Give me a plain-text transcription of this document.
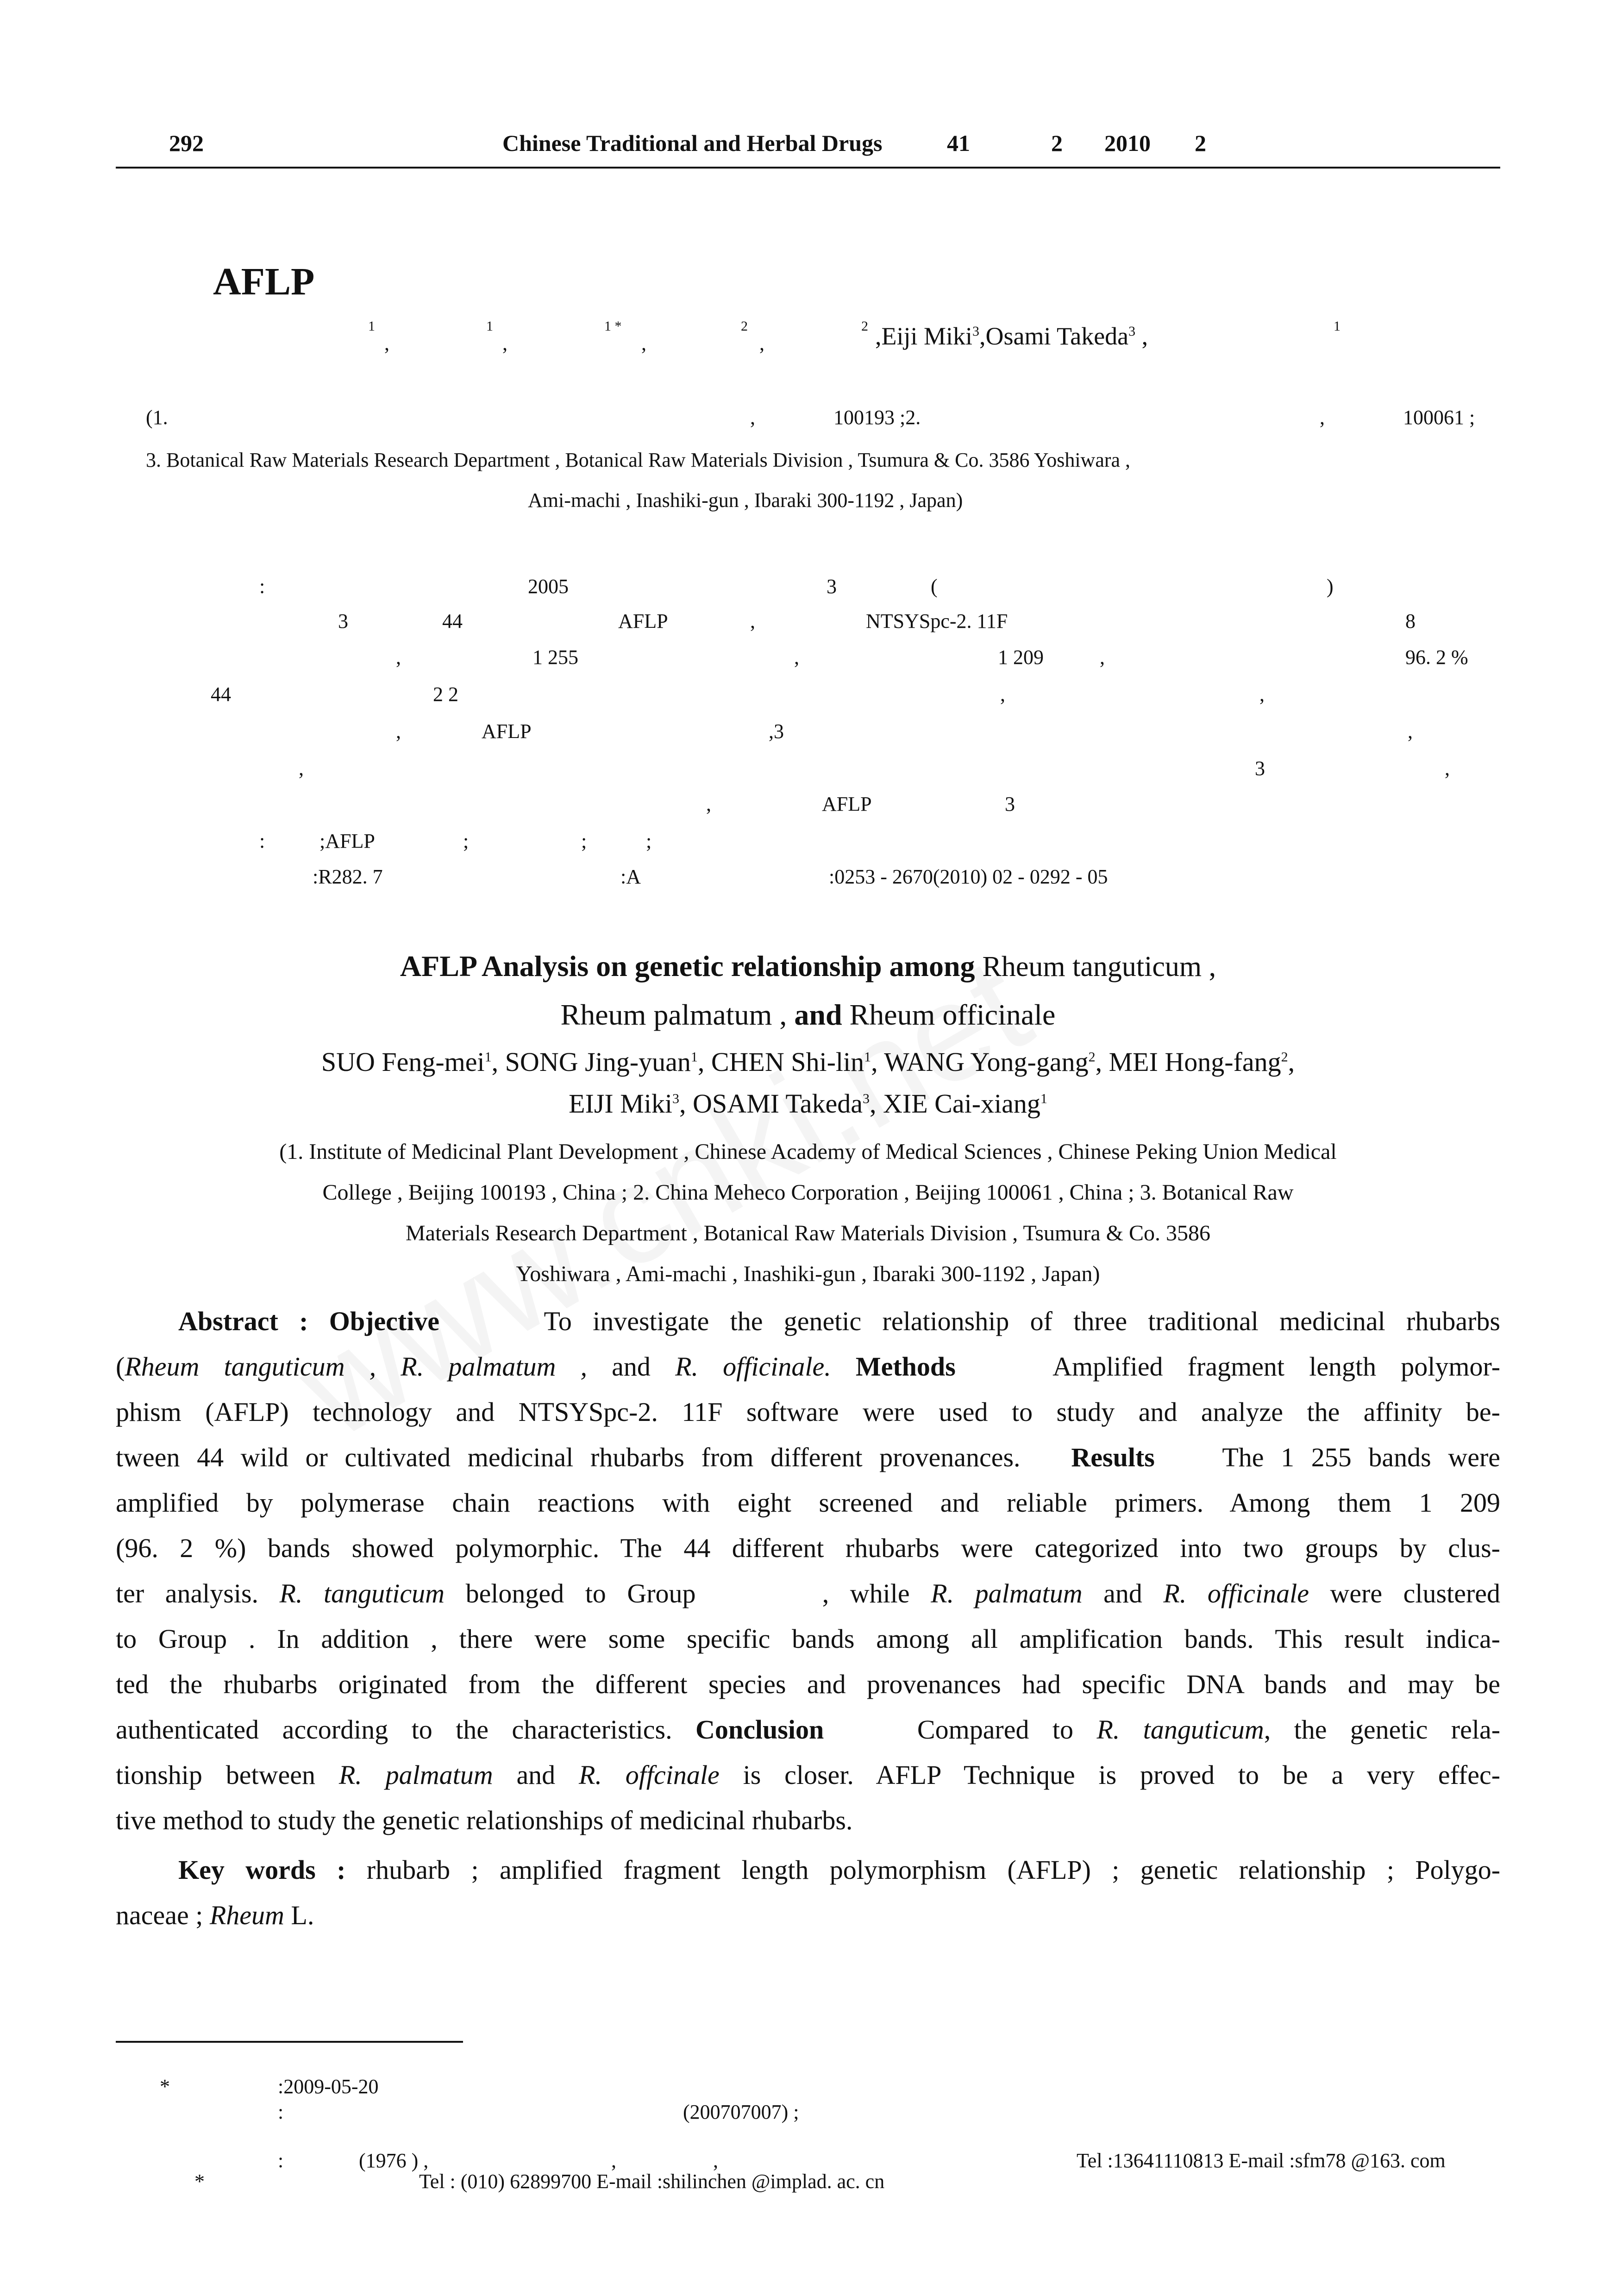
292	Chinese Traditional and Herbal Drugs	41	2 2010 2
AFLP
1
,
1
,
1 *
,
2
,
2 ,Eiji Miki$^3$,Osami Takeda$^3$ ,	1
(1.	,	100193 ;2.	,	100061 ;
3. Botanical Raw Materials Research Department , Botanical Raw Materials Division , Tsumura & Co. 3586 Yoshiwara ,
Ami-machi , Inashiki-gun , Ibaraki 300-1192 , Japan)
:	2005	3	(	)
3	44	AFLP	,	NTSYSpc-2. 11F	8
,	1 255	,	1 209	,	96. 2 %
44	2 2	,	,
,	AFLP	,3	,
,	3	,
,	AFLP	3
:	;AFLP	;	;	;
:R282. 7	:A	:0253 - 2670(2010) 02 - 0292 - 05
AFLP Analysis on genetic relationship among Rheum tanguticum ,
Rheum palmatum , and Rheum officinale
SUO Feng-mei$^1$, SONG Jing-yuan$^1$, CHEN Shi-lin$^1$, WANG Yong-gang$^2$, MEI Hong-fang$^2$,
EIJI Miki$^3$, OSAMI Takeda$^3$, XIE Cai-xiang$^1$
(1. Institute of Medicinal Plant Development , Chinese Academy of Medical Sciences , Chinese Peking Union Medical
College , Beijing 100193 , China ; 2. China Meheco Corporation , Beijing 100061 , China ; 3. Botanical Raw
Materials Research Department , Botanical Raw Materials Division , Tsumura & Co. 3586
Yoshiwara , Ami-machi , Inashiki-gun , Ibaraki 300-1192 , Japan)
Abstract : Objective	To investigate the genetic relationship of three traditional medicinal rhubarbs
(Rheum tanguticum , R. palmatum , and R. officinale. Methods	Amplified fragment length polymor-
phism (AFLP) technology and NTSYSpc-2. 11F software were used to study and analyze the affinity be-
tween 44 wild or cultivated medicinal rhubarbs from different provenances. Results	The 1 255 bands were
amplified by polymerase chain reactions with eight screened and reliable primers. Among them 1 209
(96. 2 %) bands showed polymorphic. The 44 different rhubarbs were categorized into two groups by clus-
ter analysis. R. tanguticum belonged to Group	, while R. palmatum and R. officinale were clustered
to Group . In addition , there were some specific bands among all amplification bands. This result indica-
ted the rhubarbs originated from the different species and provenances had specific DNA bands and may be
authenticated according to the characteristics. Conclusion	Compared to R. tanguticum, the genetic rela-
tionship between R. palmatum and R. offcinale is closer. AFLP Technique is proved to be a very effec-
tive method to study the genetic relationships of medicinal rhubarbs.
Key words : rhubarb ; amplified fragment length polymorphism (AFLP) ; genetic relationship ; Polygo-
naceae ; Rheum L.
*	:2009-05-20
:	(200707007) ;
:	(1976 ) ,	,	,	Tel :13641110813 E-mail :sfm78 @163. com
*	Tel : (010) 62899700 E-mail :shilinchen @implad. ac. cn
